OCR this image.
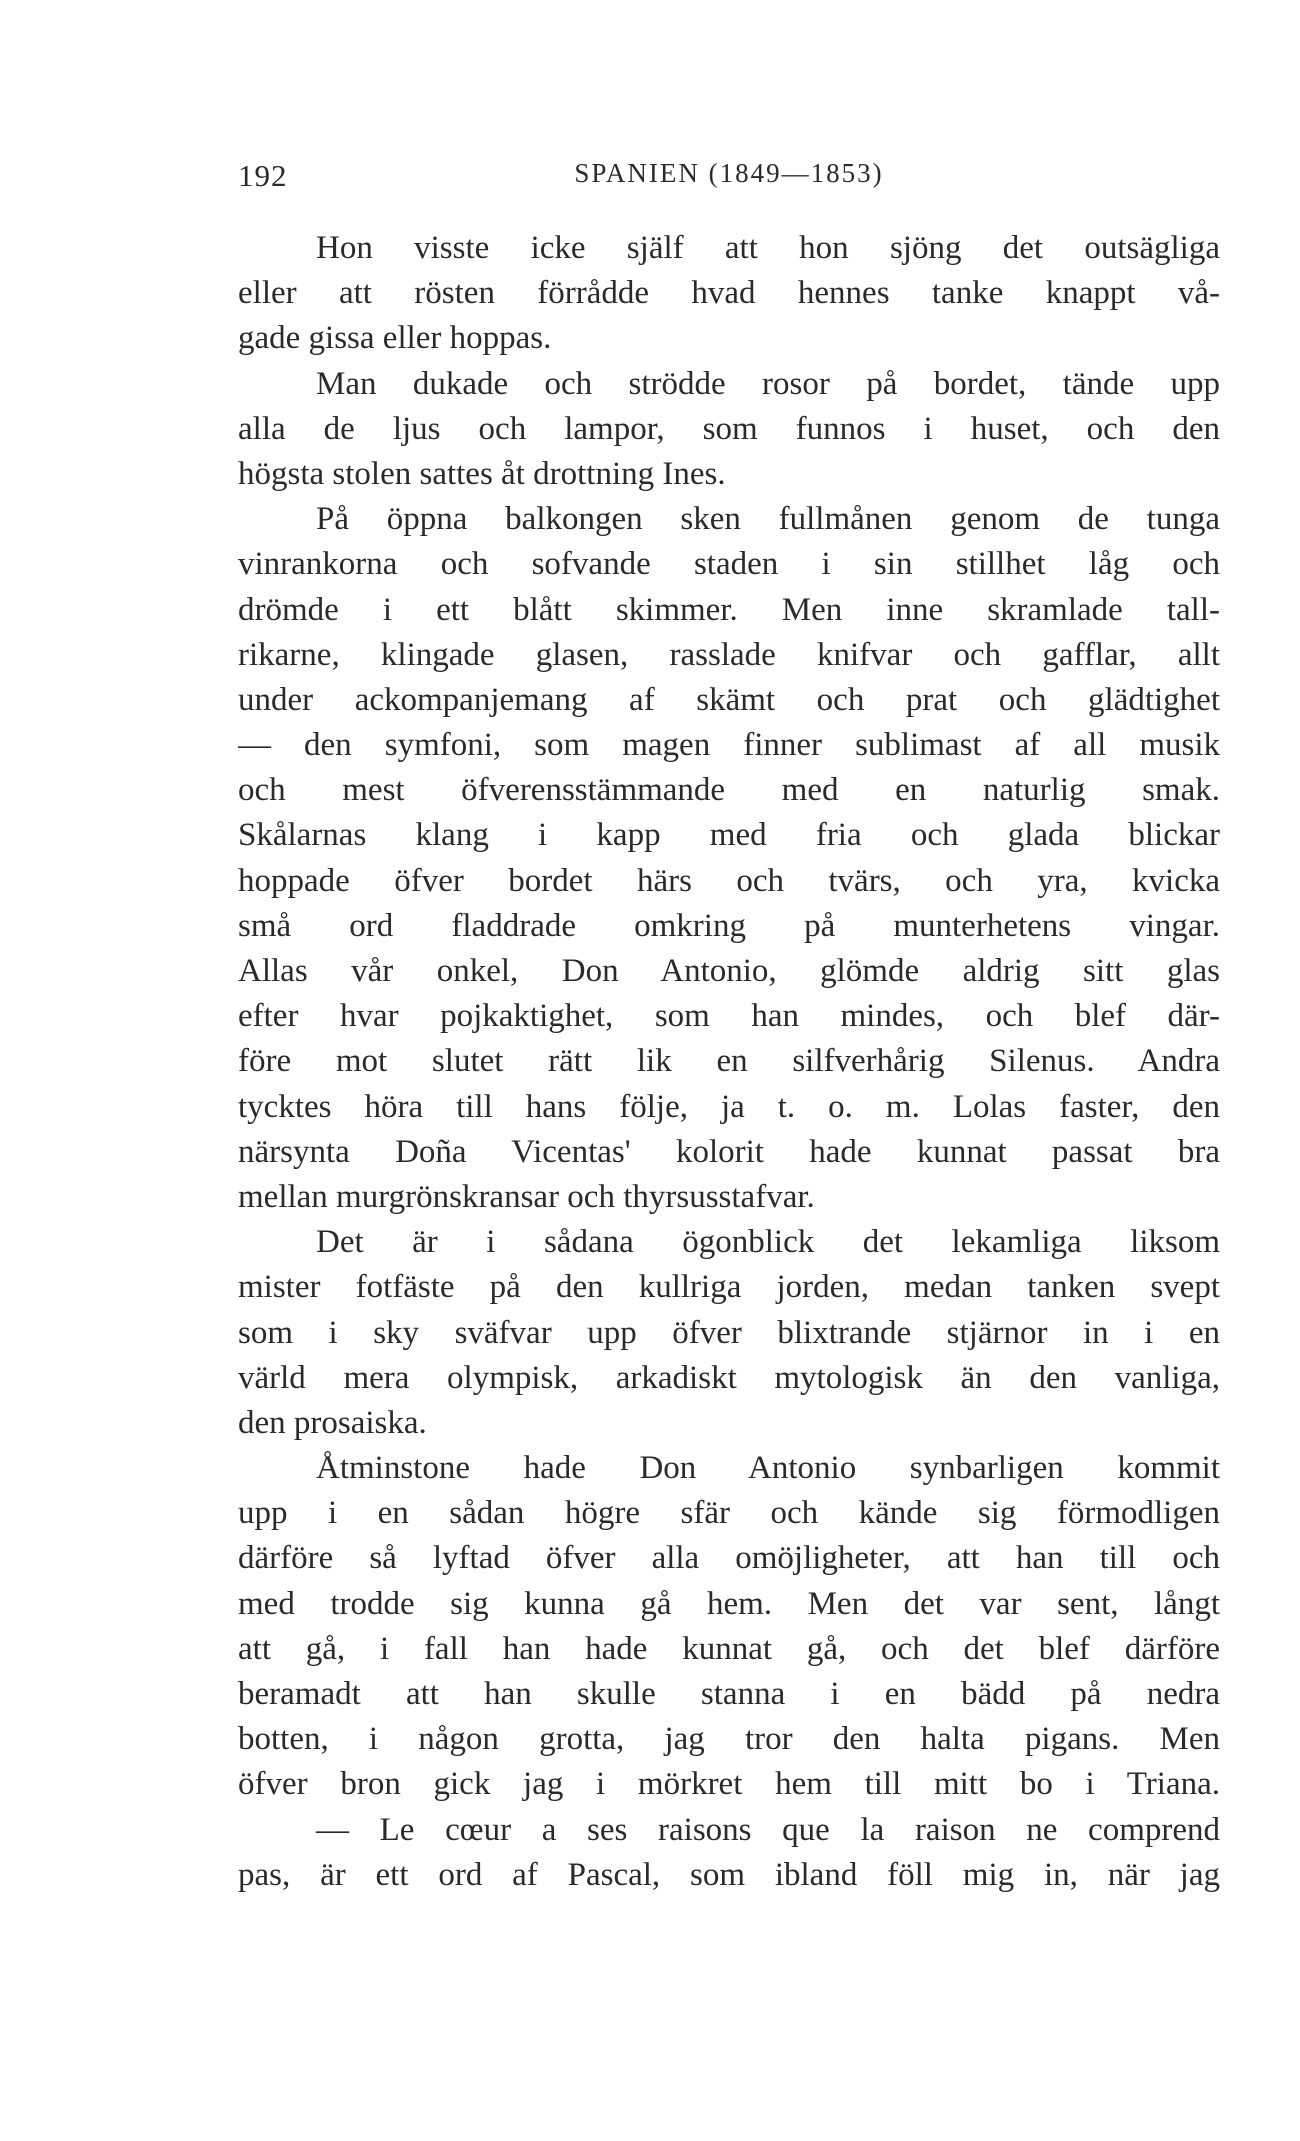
192	SPANIEN (1849—1853)
Hon visste icke själf att hon sjöng det outsägliga
eller att rösten förrådde hvad hennes tanke knappt vå-
gade gissa eller hoppas.
Man dukade och strödde rosor på bordet, tände upp
alla de ljus och lampor, som funnos i huset, och den
högsta stolen sattes åt drottning Ines.
På öppna balkongen sken fullmånen genom de tunga
vinrankorna och sofvande staden i sin stillhet låg och
drömde i ett blått skimmer. Men inne skramlade tall-
rikarne, klingade glasen, rasslade knifvar och gafflar, allt
under ackompanjemang af skämt och prat och glädtighet
— den symfoni, som magen finner sublimast af all musik
och mest öfverensstämmande med en naturlig smak.
Skålarnas klang i kapp med fria och glada blickar
hoppade öfver bordet härs och tvärs, och yra, kvicka
små ord fladdrade omkring på munterhetens vingar.
Allas vår onkel, Don Antonio, glömde aldrig sitt glas
efter hvar pojkaktighet, som han mindes, och blef där-
före mot slutet rätt lik en silfverhårig Silenus. Andra
tycktes höra till hans följe, ja t. o. m. Lolas faster, den
närsynta Doña Vicentas' kolorit hade kunnat passat bra
mellan murgrönskransar och thyrsusstafvar.
Det är i sådana ögonblick det lekamliga liksom
mister fotfäste på den kullriga jorden, medan tanken svept
som i sky sväfvar upp öfver blixtrande stjärnor in i en
värld mera olympisk, arkadiskt mytologisk än den vanliga,
den prosaiska.
Åtminstone hade Don Antonio synbarligen kommit
upp i en sådan högre sfär och kände sig förmodligen
därföre så lyftad öfver alla omöjligheter, att han till och
med trodde sig kunna gå hem. Men det var sent, långt
att gå, i fall han hade kunnat gå, och det blef därföre
beramadt att han skulle stanna i en bädd på nedra
botten, i någon grotta, jag tror den halta pigans. Men
öfver bron gick jag i mörkret hem till mitt bo i Triana.
— Le cœur a ses raisons que la raison ne comprend
pas, är ett ord af Pascal, som ibland föll mig in, när jag
